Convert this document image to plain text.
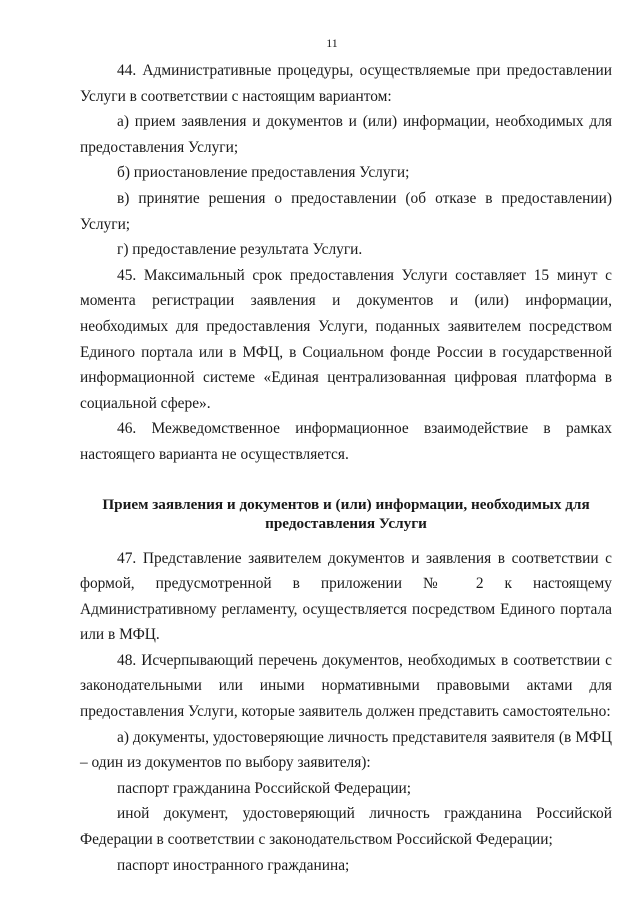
11

44. Административные процедуры, осуществляемые при предоставлении Услуги в соответствии с настоящим вариантом:

а) прием заявления и документов и (или) информации, необходимых для предоставления Услуги;

б) приостановление предоставления Услуги;

в) принятие решения о предоставлении (об отказе в предоставлении) Услуги;

г) предоставление результата Услуги.

45. Максимальный срок предоставления Услуги составляет 15 минут с момента регистрации заявления и документов и (или) информации, необходимых для предоставления Услуги, поданных заявителем посредством Единого портала или в МФЦ, в Социальном фонде России в государственной информационной системе «Единая централизованная цифровая платформа в социальной сфере».

46. Межведомственное информационное взаимодействие в рамках настоящего варианта не осуществляется.

Прием заявления и документов и (или) информации, необходимых для предоставления Услуги

47. Представление заявителем документов и заявления в соответствии с формой, предусмотренной в приложении № 2 к настоящему Административному регламенту, осуществляется посредством Единого портала или в МФЦ.

48. Исчерпывающий перечень документов, необходимых в соответствии с законодательными или иными нормативными правовыми актами для предоставления Услуги, которые заявитель должен представить самостоятельно:

а) документы, удостоверяющие личность представителя заявителя (в МФЦ – один из документов по выбору заявителя):

паспорт гражданина Российской Федерации;

иной документ, удостоверяющий личность гражданина Российской Федерации в соответствии с законодательством Российской Федерации;

паспорт иностранного гражданина;
